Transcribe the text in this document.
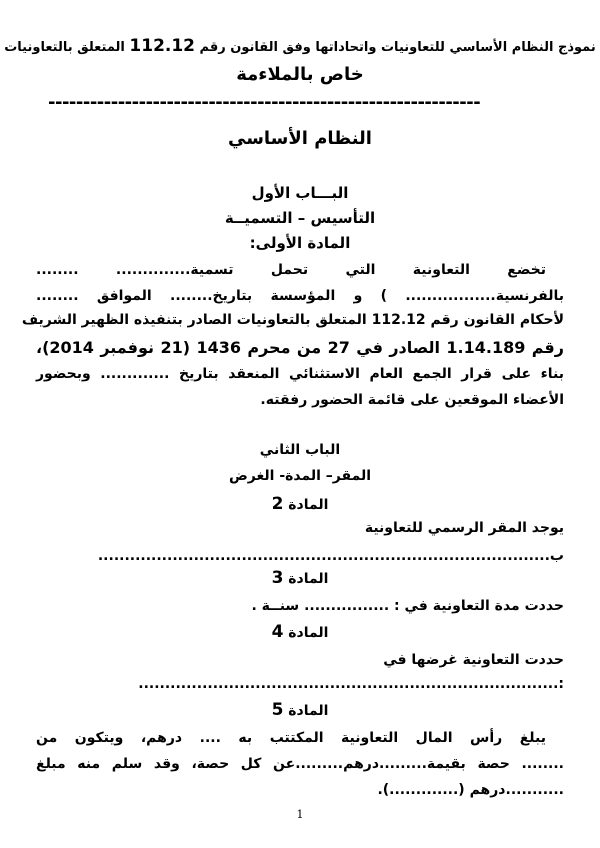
نموذج النظام الأساسي للتعاونيات واتحاداتها وفق القانون رقم 112.12 المتعلق بالتعاونيات
خاص بالملاءمة
--------------------------------------------------------------
النظام الأساسي
البـــاب الأول
التأسيس – التسميــة
المادة الأولى:
تخضع التعاونية التي تحمل تسمية.............. ........
بالفرنسية................. ) و المؤسسة بتاريخ........ الموافق ........
لأحكام القانون رقم 112.12 المتعلق بالتعاونيات الصادر بتنفيذه الظهير الشريف
رقم 1.14.189 الصادر في 27 من محرم 1436 (21 نوفمبر 2014)،
بناء على قرار الجمع العام الاستثنائي المنعقد بتاريخ ............. وبحضور
الأعضاء الموقعين على قائمة الحضور رفقته.
الباب الثاني
المقر– المدة- الغرض
المادة 2
يوجد المقر الرسمي للتعاونية
ب.....................................................................................
المادة 3
حددت مدة التعاونية في : ................ سنــة .
المادة 4
حددت التعاونية غرضها في
:...............................................................................
المادة 5
يبلغ رأس المال التعاونية المكتتب به .... درهم، ويتكون من
........ حصة بقيمة.........درهم.........عن كل حصة، وقد سلم منه مبلغ
...........درهم (.............).
1
